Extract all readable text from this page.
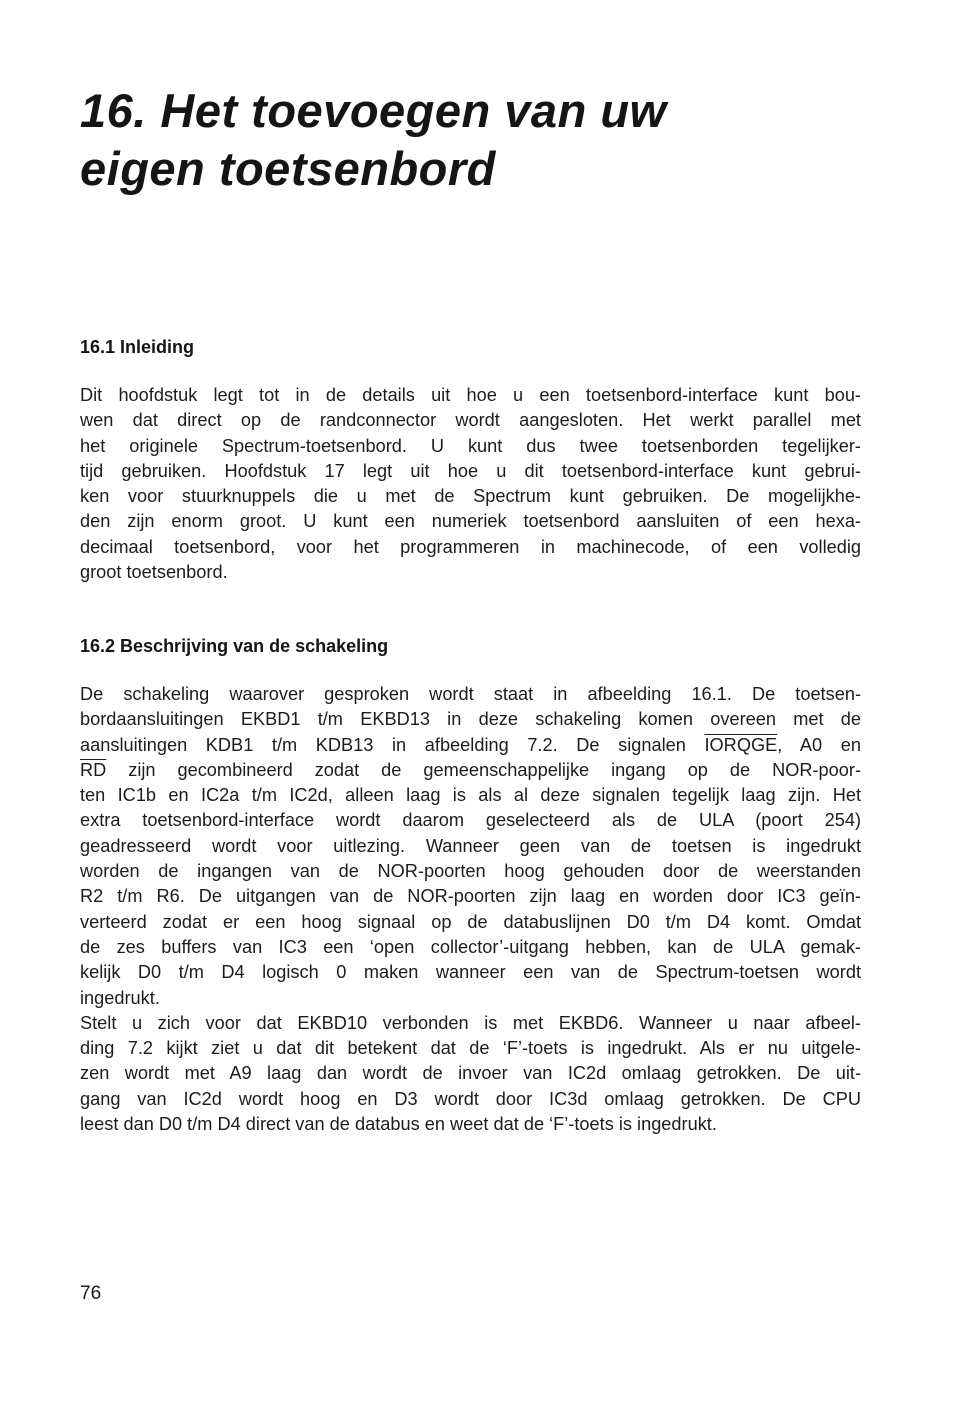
16. Het toevoegen van uw
eigen toetsenbord
16.1 Inleiding
Dit hoofdstuk legt tot in de details uit hoe u een toetsenbord-interface kunt bou-
wen dat direct op de randconnector wordt aangesloten. Het werkt parallel met
het originele Spectrum-toetsenbord. U kunt dus twee toetsenborden tegelijker-
tijd gebruiken. Hoofdstuk 17 legt uit hoe u dit toetsenbord-interface kunt gebrui-
ken voor stuurknuppels die u met de Spectrum kunt gebruiken. De mogelijkhe-
den zijn enorm groot. U kunt een numeriek toetsenbord aansluiten of een hexa-
decimaal toetsenbord, voor het programmeren in machinecode, of een volledig
groot toetsenbord.
16.2 Beschrijving van de schakeling
De schakeling waarover gesproken wordt staat in afbeelding 16.1. De toetsen-
bordaansluitingen EKBD1 t/m EKBD13 in deze schakeling komen overeen met de
aansluitingen KDB1 t/m KDB13 in afbeelding 7.2. De signalen IORQGE, A0 en
$\overline{RD}$ zijn gecombineerd zodat de gemeenschappelijke ingang op de NOR-poor-
ten IC1b en IC2a t/m IC2d, alleen laag is als al deze signalen tegelijk laag zijn. Het
extra toetsenbord-interface wordt daarom geselecteerd als de ULA (poort 254)
geadresseerd wordt voor uitlezing. Wanneer geen van de toetsen is ingedrukt
worden de ingangen van de NOR-poorten hoog gehouden door de weerstanden
R2 t/m R6. De uitgangen van de NOR-poorten zijn laag en worden door IC3 geïn-
verteerd zodat er een hoog signaal op de databuslijnen D0 t/m D4 komt. Omdat
de zes buffers van IC3 een ‘open collector’-uitgang hebben, kan de ULA gemak-
kelijk D0 t/m D4 logisch 0 maken wanneer een van de Spectrum-toetsen wordt
ingedrukt.
Stelt u zich voor dat EKBD10 verbonden is met EKBD6. Wanneer u naar afbeel-
ding 7.2 kijkt ziet u dat dit betekent dat de ‘F’-toets is ingedrukt. Als er nu uitgele-
zen wordt met A9 laag dan wordt de invoer van IC2d omlaag getrokken. De uit-
gang van IC2d wordt hoog en D3 wordt door IC3d omlaag getrokken. De CPU
leest dan D0 t/m D4 direct van de databus en weet dat de ‘F’-toets is ingedrukt.
76
